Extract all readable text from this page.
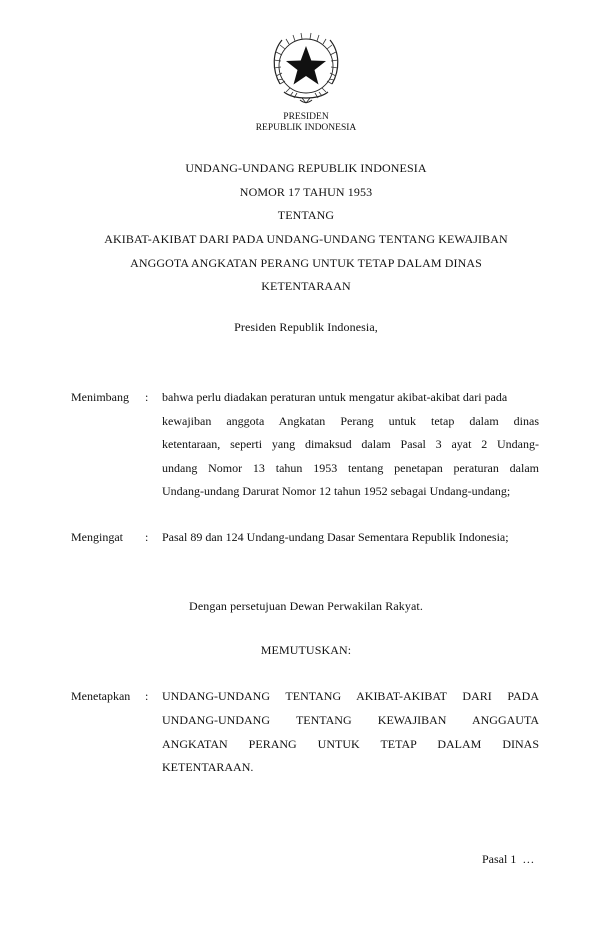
PRESIDEN
REPUBLIK INDONESIA
UNDANG-UNDANG REPUBLIK INDONESIA
NOMOR 17 TAHUN 1953
TENTANG
AKIBAT-AKIBAT DARI PADA UNDANG-UNDANG TENTANG KEWAJIBAN
ANGGOTA ANGKATAN PERANG UNTUK TETAP DALAM DINAS
KETENTARAAN
Presiden Republik Indonesia,
Menimbang : bahwa perlu diadakan peraturan untuk mengatur akibat-akibat dari pada
kewajiban anggota Angkatan Perang untuk tetap dalam dinas
ketentaraan, seperti yang dimaksud dalam Pasal 3 ayat 2 Undang-
undang Nomor 13 tahun 1953 tentang penetapan peraturan dalam
Undang-undang Darurat Nomor 12 tahun 1952 sebagai Undang-undang;
Mengingat : Pasal 89 dan 124 Undang-undang Dasar Sementara Republik Indonesia;
Dengan persetujuan Dewan Perwakilan Rakyat.
MEMUTUSKAN:
Menetapkan : UNDANG-UNDANG TENTANG AKIBAT-AKIBAT DARI PADA
UNDANG-UNDANG TENTANG KEWAJIBAN ANGGAUTA
ANGKATAN PERANG UNTUK TETAP DALAM DINAS
KETENTARAAN.
Pasal 1  …
